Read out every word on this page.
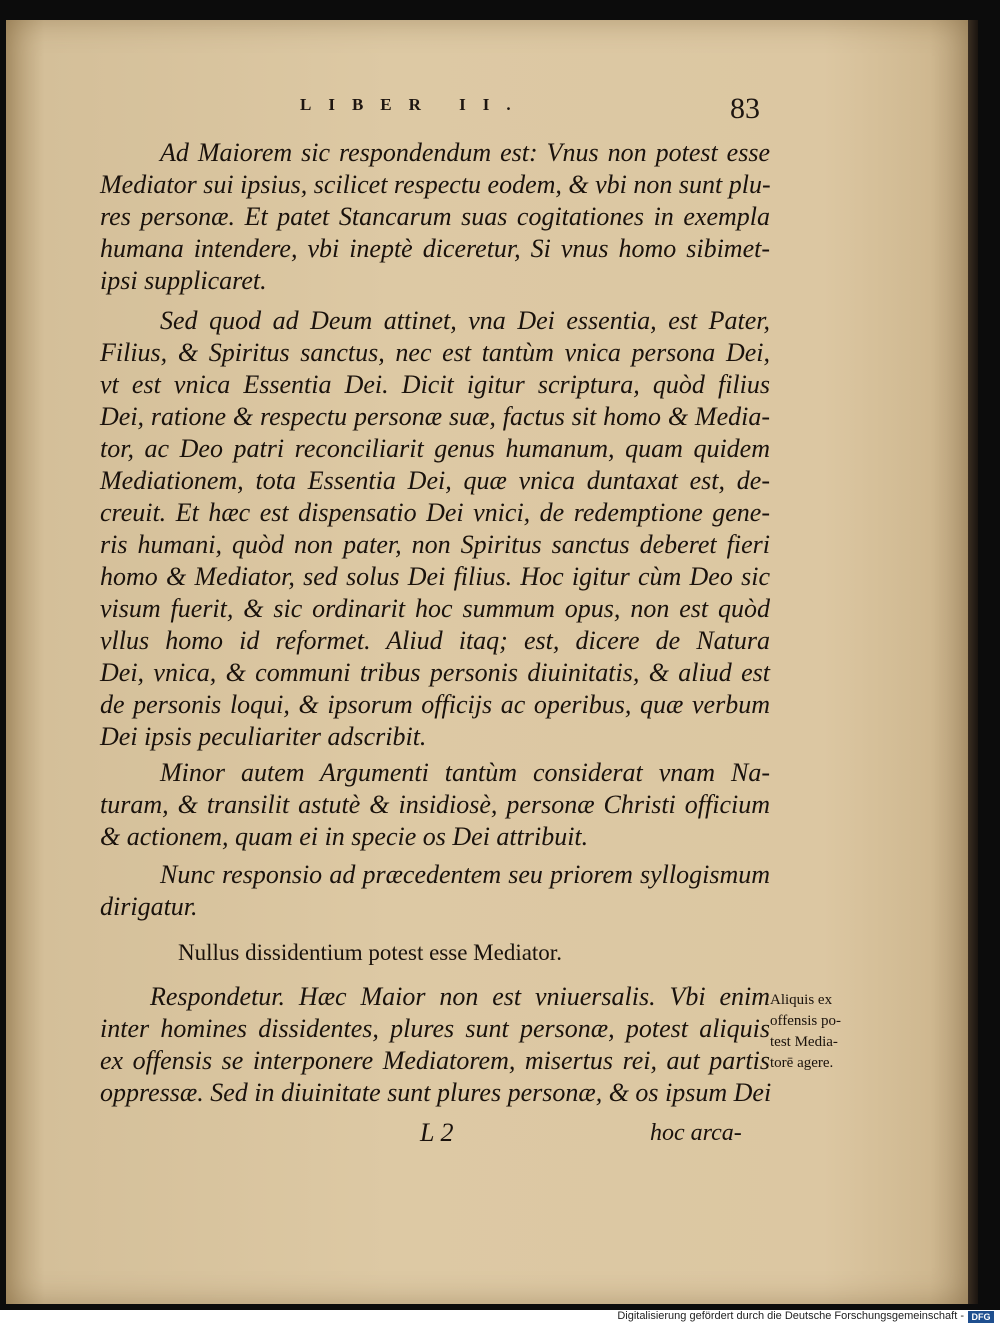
LIBER II.	83
Ad Maiorem sic respondendum est: Vnus non potest esse
Mediator sui ipsius, scilicet respectu eodem, & vbi non sunt plu-
res personæ. Et patet Stancarum suas cogitationes in exempla
humana intendere, vbi ineptè diceretur, Si vnus homo sibimet-
ipsi supplicaret.
Sed quod ad Deum attinet, vna Dei essentia, est Pater,
Filius, & Spiritus sanctus, nec est tantùm vnica persona Dei,
vt est vnica Essentia Dei. Dicit igitur scriptura, quòd filius
Dei, ratione & respectu personæ suæ, factus sit homo & Media-
tor, ac Deo patri reconciliarit genus humanum, quam quidem
Mediationem, tota Essentia Dei, quæ vnica duntaxat est, de-
creuit. Et hæc est dispensatio Dei vnici, de redemptione gene-
ris humani, quòd non pater, non Spiritus sanctus deberet fieri
homo & Mediator, sed solus Dei filius. Hoc igitur cùm Deo sic
visum fuerit, & sic ordinarit hoc summum opus, non est quòd
vllus homo id reformet. Aliud itaq; est, dicere de Natura
Dei, vnica, & communi tribus personis diuinitatis, & aliud est
de personis loqui, & ipsorum officijs ac operibus, quæ verbum
Dei ipsis peculiariter adscribit.
Minor autem Argumenti tantùm considerat vnam Na-
turam, & transilit astutè & insidiosè, personæ Christi officium
& actionem, quam ei in specie os Dei attribuit.
Nunc responsio ad præcedentem seu priorem syllogismum
dirigatur.
Nullus dissidentium potest esse Mediator.
Respondetur. Hæc Maior non est vniuersalis. Vbi enim
inter homines dissidentes, plures sunt personæ, potest aliquis
ex offensis se interponere Mediatorem, misertus rei, aut partis
oppressæ. Sed in diuinitate sunt plures personæ, & os ipsum Dei
Aliquis ex
offensis po-
test Media-
torē agere.
L 2	hoc arca-
Digitalisierung gefördert durch die Deutsche Forschungsgemeinschaft - DFG
